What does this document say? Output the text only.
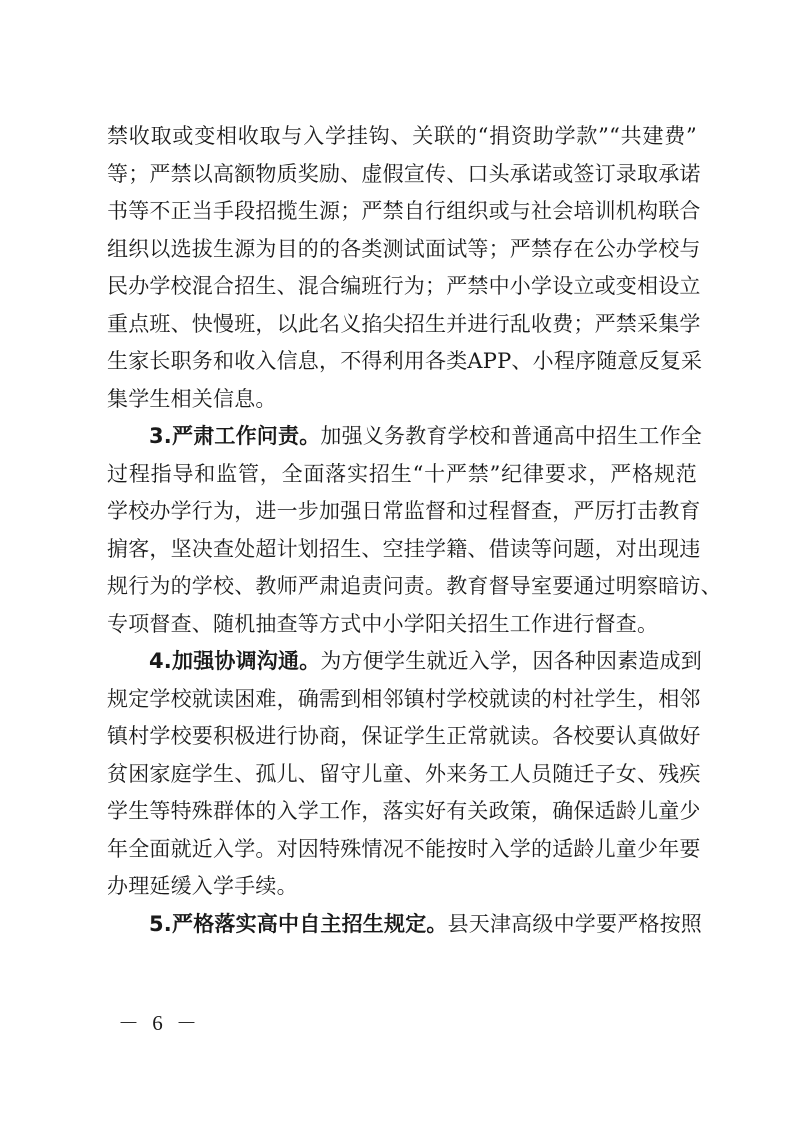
禁收取或变相收取与入学挂钩、关联的“捐资助学款”“共建费”
等；严禁以高额物质奖励、虚假宣传、口头承诺或签订录取承诺
书等不正当手段招揽生源；严禁自行组织或与社会培训机构联合
组织以选拔生源为目的的各类测试面试等；严禁存在公办学校与
民办学校混合招生、混合编班行为；严禁中小学设立或变相设立
重点班、快慢班，以此名义掐尖招生并进行乱收费；严禁采集学
生家长职务和收入信息，不得利用各类APP、小程序随意反复采
集学生相关信息。
3.严肃工作问责。加强义务教育学校和普通高中招生工作全
过程指导和监管，全面落实招生“十严禁”纪律要求，严格规范
学校办学行为，进一步加强日常监督和过程督查，严厉打击教育
掮客，坚决查处超计划招生、空挂学籍、借读等问题，对出现违
规行为的学校、教师严肃追责问责。教育督导室要通过明察暗访、
专项督查、随机抽查等方式中小学阳关招生工作进行督查。
4.加强协调沟通。为方便学生就近入学，因各种因素造成到
规定学校就读困难，确需到相邻镇村学校就读的村社学生，相邻
镇村学校要积极进行协商，保证学生正常就读。各校要认真做好
贫困家庭学生、孤儿、留守儿童、外来务工人员随迁子女、残疾
学生等特殊群体的入学工作，落实好有关政策，确保适龄儿童少
年全面就近入学。对因特殊情况不能按时入学的适龄儿童少年要
办理延缓入学手续。
5.严格落实高中自主招生规定。县天津高级中学要严格按照
－ 6 －
